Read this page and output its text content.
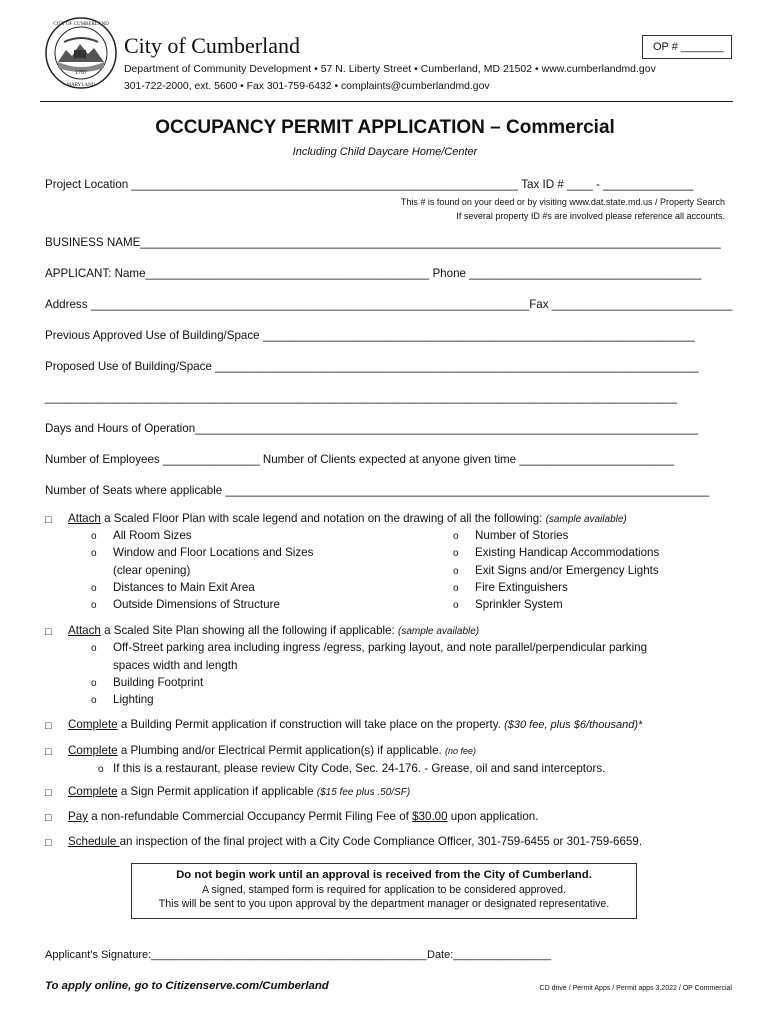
CITY OF CUMBERLAND
1787
MARYLAND
City of Cumberland	OP # _______
Department of Community Development • 57 N. Liberty Street • Cumberland, MD 21502 • www.cumberlandmd.gov
301-722-2000, ext. 5600 • Fax 301-759-6432 • complaints@cumberlandmd.gov
OCCUPANCY PERMIT APPLICATION – Commercial
Including Child Daycare Home/Center
Project Location ____________________________________________________________ Tax ID # ____ - ______________
This # is found on your deed or by visiting www.dat.state.md.us / Property Search
If several property ID #s are involved please reference all accounts.
BUSINESS NAME__________________________________________________________________________________________
APPLICANT: Name____________________________________________ Phone ____________________________________
Address ____________________________________________________________________Fax ____________________________
Previous Approved Use of Building/Space ___________________________________________________________________
Proposed Use of Building/Space ___________________________________________________________________________
__________________________________________________________________________________________________
Days and Hours of Operation______________________________________________________________________________
Number of Employees _______________ Number of Clients expected at anyone given time ________________________
Number of Seats where applicable ___________________________________________________________________________
□ Attach a Scaled Floor Plan with scale legend and notation on the drawing of all the following: (sample available)
o All Room Sizes
o Window and Floor Locations and Sizes
(clear opening)
o Distances to Main Exit Area
o Outside Dimensions of Structure
o Number of Stories
o Existing Handicap Accommodations
o Exit Signs and/or Emergency Lights
o Fire Extinguishers
o Sprinkler System
□ Attach a Scaled Site Plan showing all the following if applicable: (sample available)
o Off-Street parking area including ingress /egress, parking layout, and note parallel/perpendicular parking
spaces width and length
o Building Footprint
o Lighting
□ Complete a Building Permit application if construction will take place on the property. ($30 fee, plus $6/thousand)*
□ Complete a Plumbing and/or Electrical Permit application(s) if applicable. (no fee)
o If this is a restaurant, please review City Code, Sec. 24-176. - Grease, oil and sand interceptors.
□ Complete a Sign Permit application if applicable ($15 fee plus .50/SF)
□ Pay a non-refundable Commercial Occupancy Permit Filing Fee of $30.00 upon application.
□ Schedule an inspection of the final project with a City Code Compliance Officer, 301-759-6455 or 301-759-6659.
Do not begin work until an approval is received from the City of Cumberland.
A signed, stamped form is required for application to be considered approved.
This will be sent to you upon approval by the department manager or designated representative.
Applicant’s Signature:_____________________________________________ Date:________________
To apply online, go to Citizenserve.com/Cumberland	CD drive / Permit Apps / Permit apps 3.2022 / OP Commercial
